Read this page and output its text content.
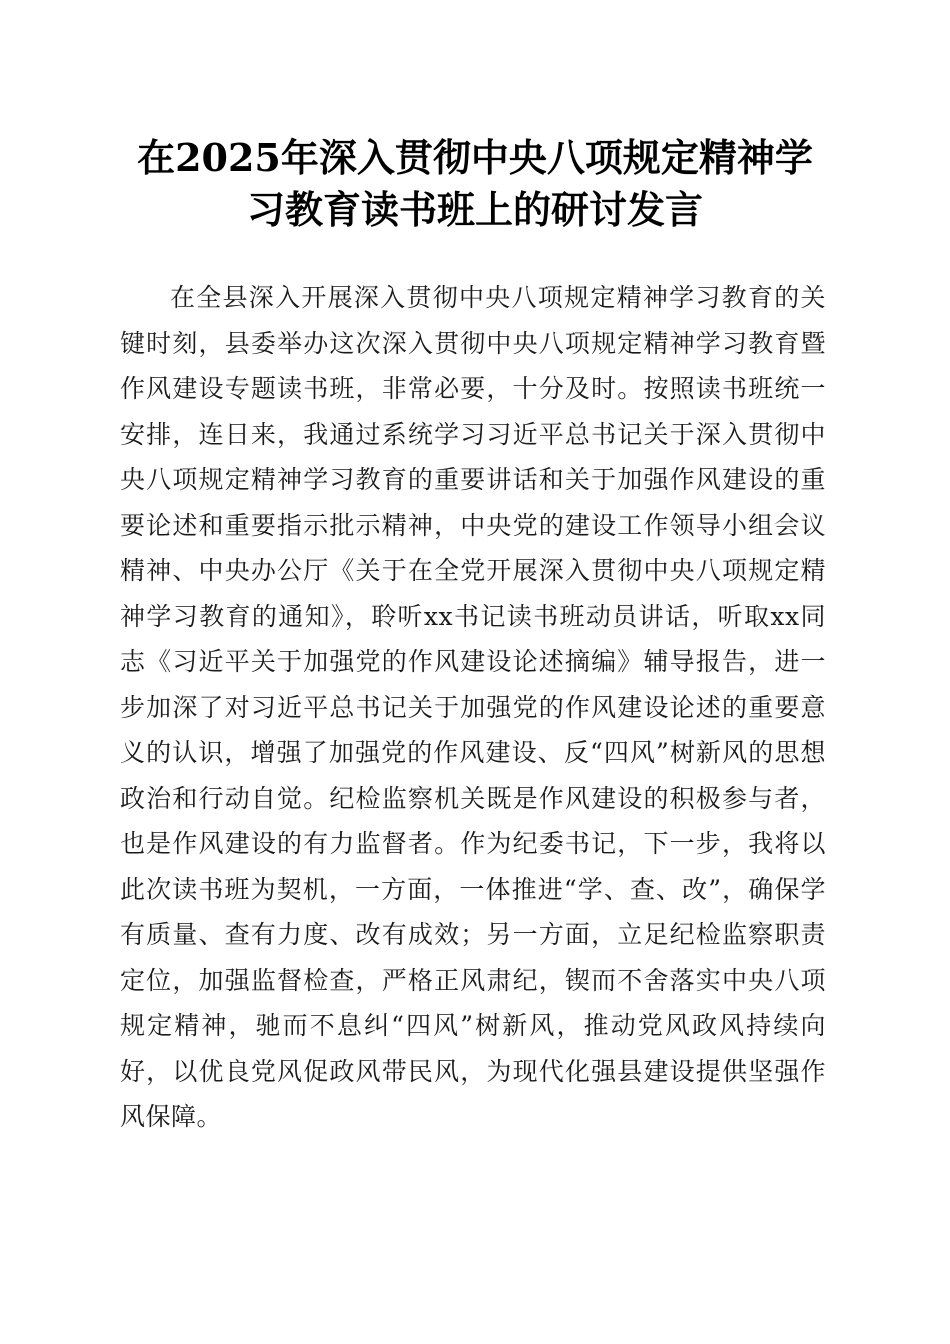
在2025年深入贯彻中央八项规定精神学习教育读书班上的研讨发言

在全县深入开展深入贯彻中央八项规定精神学习教育的关键时刻，县委举办这次深入贯彻中央八项规定精神学习教育暨作风建设专题读书班，非常必要，十分及时。按照读书班统一安排，连日来，我通过系统学习习近平总书记关于深入贯彻中央八项规定精神学习教育的重要讲话和关于加强作风建设的重要论述和重要指示批示精神，中央党的建设工作领导小组会议精神、中央办公厅《关于在全党开展深入贯彻中央八项规定精神学习教育的通知》，聆听xx书记读书班动员讲话，听取xx同志《习近平关于加强党的作风建设论述摘编》辅导报告，进一步加深了对习近平总书记关于加强党的作风建设论述的重要意义的认识，增强了加强党的作风建设、反“四风”树新风的思想政治和行动自觉。纪检监察机关既是作风建设的积极参与者，也是作风建设的有力监督者。作为纪委书记，下一步，我将以此次读书班为契机，一方面，一体推进“学、查、改”，确保学有质量、查有力度、改有成效；另一方面，立足纪检监察职责定位，加强监督检查，严格正风肃纪，锲而不舍落实中央八项规定精神，驰而不息纠“四风”树新风，推动党风政风持续向好，以优良党风促政风带民风，为现代化强县建设提供坚强作风保障。
